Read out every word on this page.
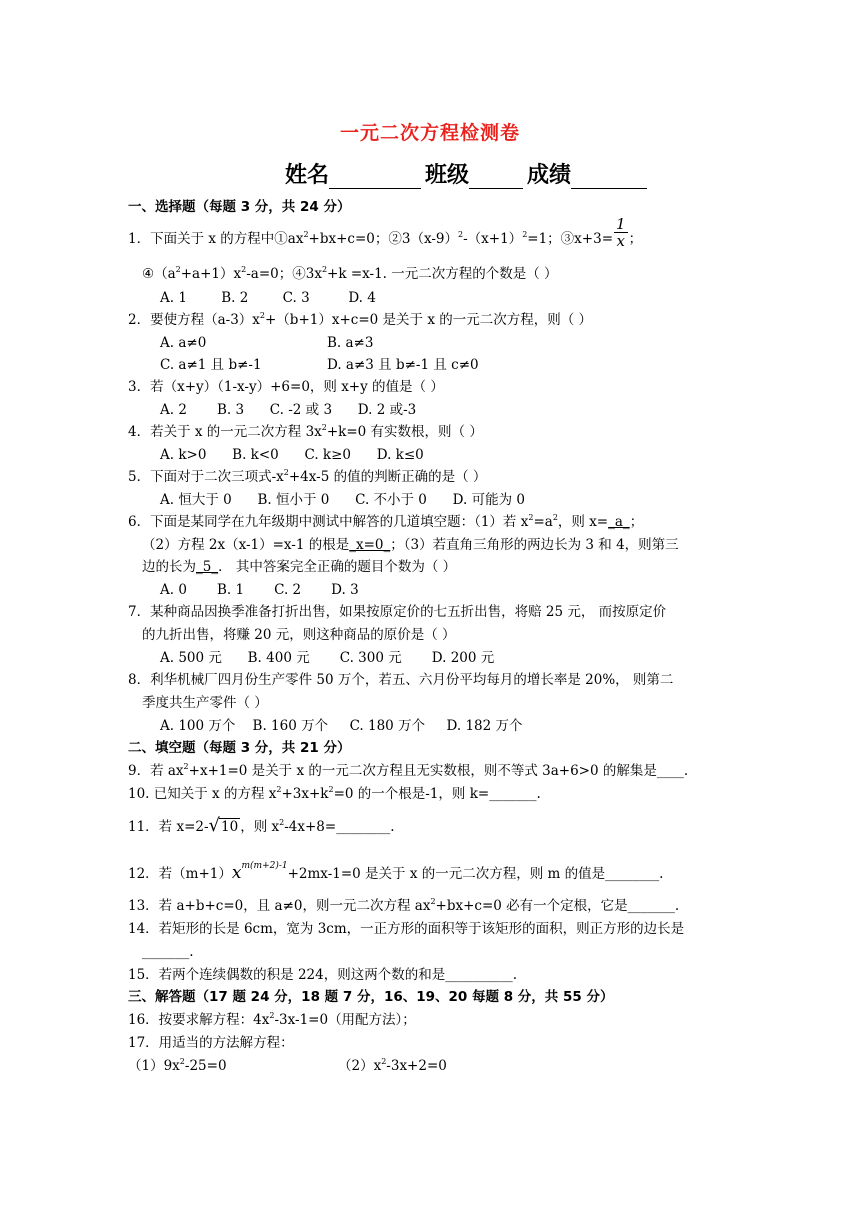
一元二次方程检测卷
姓名	班级	成绩
一、选择题（每题 3 分，共 24 分）
1．下面关于 x 的方程中$①ax^2+bx+c=0$；$②3(x-9)^2-(x+1)^2=1$；③x+3= $\frac{1}{x}$ ；
$④(a^2+a+1)x^2-a=0$；$④3x^2+k =x-1$. 一元二次方程的个数是（ ）
A. 1        B. 2        C. 3         D. 4
2．要使方程$(a-3)x^2+(b+1)x+c=0$ 是关于 x 的一元二次方程，则（ ）
A. a≠0	B. a≠3
C. a≠1 且 b≠-1	D. a≠3 且 b≠-1 且 c≠0
3．若（x+y）（1-x-y）+6=0，则 x+y 的值是（ ）
A. 2       B. 3      C. -2 或 3      D. 2 或-3
4．若关于 x 的一元二次方程 $3x^2+k=0$ 有实数根，则（ ）
A. k>0      B. k<0      C. k≥0      D. k≤0
5．下面对于二次三项式$-x^2+4x-5$ 的值的判断正确的是（ ）
A. 恒大于 0      B. 恒小于 0      C. 不小于 0      D. 可能为 0
6．下面是某同学在九年级期中测试中解答的几道填空题：（1）若 $x^2=a^2$，则 x=_a_；
（2）方程 2x（x-1）=x-1 的根是_x=0_；（3）若直角三角形的两边长为 3 和 4，则第三
边的长为_5_． 其中答案完全正确的题目个数为（ ）
A. 0       B. 1       C. 2       D. 3
7．某种商品因换季准备打折出售，如果按原定价的七五折出售，将赔 25 元， 而按原定价
的九折出售，将赚 20 元，则这种商品的原价是（ ）
A. 500 元      B. 400 元       C. 300 元       D. 200 元
8．利华机械厂四月份生产零件 50 万个，若五、六月份平均每月的增长率是 20%， 则第二
季度共生产零件（ ）
A. 100 万个    B. 160 万个     C. 180 万个     D. 182 万个
二、填空题（每题 3 分，共 21 分）
9．若 $ax^2+x+1=0$ 是关于 x 的一元二次方程且无实数根，则不等式 3a+6>0 的解集是____.
10. 已知关于 x 的方程 $x^2+3x+k^2=0$ 的一个根是-1，则 k=_______.
11．若 x=2-√10 ，则 $x^2-4x+8=\_\_\_\_\_\_\_\_$.
12．若$(m+1)x^{m(m+2)-1}+2mx-1=0$ 是关于 x 的一元二次方程，则 m 的值是________.
13．若 a+b+c=0，且 a≠0，则一元二次方程 $ax^2+bx+c=0$ 必有一个定根，它是_______.
14．若矩形的长是 6cm，宽为 3cm，一正方形的面积等于该矩形的面积，则正方形的边长是
_______.
15．若两个连续偶数的积是 224，则这两个数的和是__________.
三、解答题（17 题 24 分，18 题 7 分，16、19、20 每题 8 分，共 55 分）
16．按要求解方程：$4x^2-3x-1=0$（用配方法）；
17．用适当的方法解方程：
$(1)9x^2-25=0$	$(2)x^2-3x+2=0$
